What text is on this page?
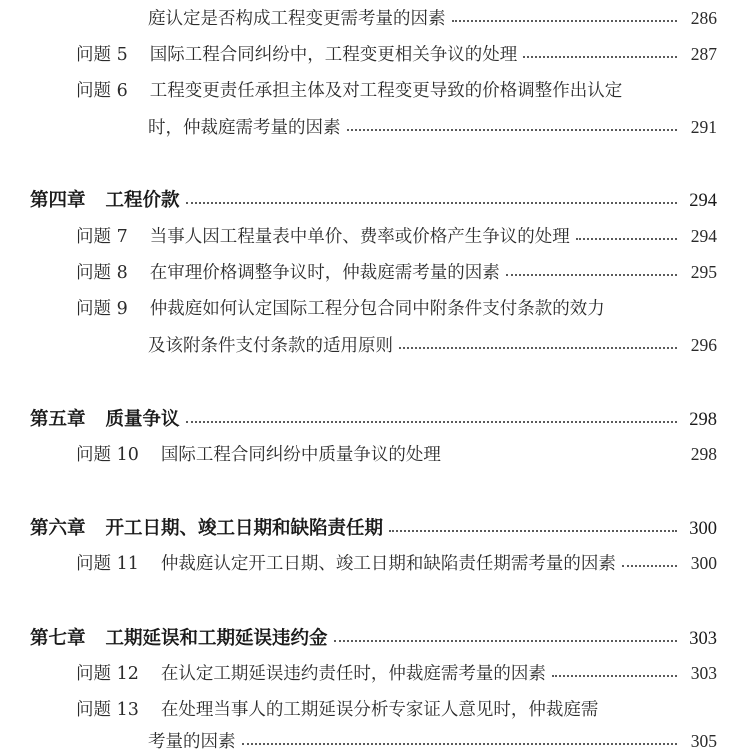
庭认定是否构成工程变更需考量的因素	286
问题 5 国际工程合同纠纷中，工程变更相关争议的处理	287
问题 6 工程变更责任承担主体及对工程变更导致的价格调整作出认定
时，仲裁庭需考量的因素	291
第四章 工程价款	294
问题 7 当事人因工程量表中单价、费率或价格产生争议的处理	294
问题 8 在审理价格调整争议时，仲裁庭需考量的因素	295
问题 9 仲裁庭如何认定国际工程分包合同中附条件支付条款的效力
及该附条件支付条款的适用原则	296
第五章 质量争议	298
问题 10 国际工程合同纠纷中质量争议的处理	298
第六章 开工日期、竣工日期和缺陷责任期	300
问题 11 仲裁庭认定开工日期、竣工日期和缺陷责任期需考量的因素	300
第七章 工期延误和工期延误违约金	303
问题 12 在认定工期延误违约责任时，仲裁庭需考量的因素	303
问题 13 在处理当事人的工期延误分析专家证人意见时，仲裁庭需
考量的因素	305
